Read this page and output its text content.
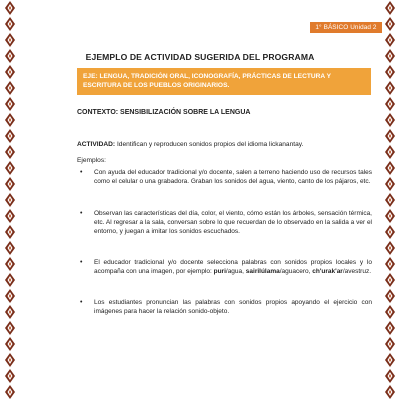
1° BÁSICO Unidad 2
EJEMPLO DE ACTIVIDAD SUGERIDA DEL PROGRAMA
EJE: LENGUA, TRADICIÓN ORAL, ICONOGRAFÍA, PRÁCTICAS DE LECTURA Y ESCRITURA DE LOS PUEBLOS ORIGINARIOS.
CONTEXTO: SENSIBILIZACIÓN SOBRE LA LENGUA
ACTIVIDAD: Identifican y reproducen sonidos propios del idioma lickanantay.
Ejemplos:
• Con ayuda del educador tradicional y/o docente, salen a terreno haciendo uso de recursos tales como el celular o una grabadora. Graban los sonidos del agua, viento, canto de los pájaros, etc.
• Observan las características del día, color, el viento, cómo están los árboles, sensación térmica, etc. Al regresar a la sala, conversan sobre lo que recuerdan de lo observado en la salida a ver el entorno, y juegan a imitar los sonidos escuchados.
• El educador tradicional y/o docente selecciona palabras con sonidos propios locales y lo acompaña con una imagen, por ejemplo: puri/agua, sairilúlama/aguacero, ch'urak'ar/avestruz.
• Los estudiantes pronuncian las palabras con sonidos propios apoyando el ejercicio con imágenes para hacer la relación sonido-objeto.
